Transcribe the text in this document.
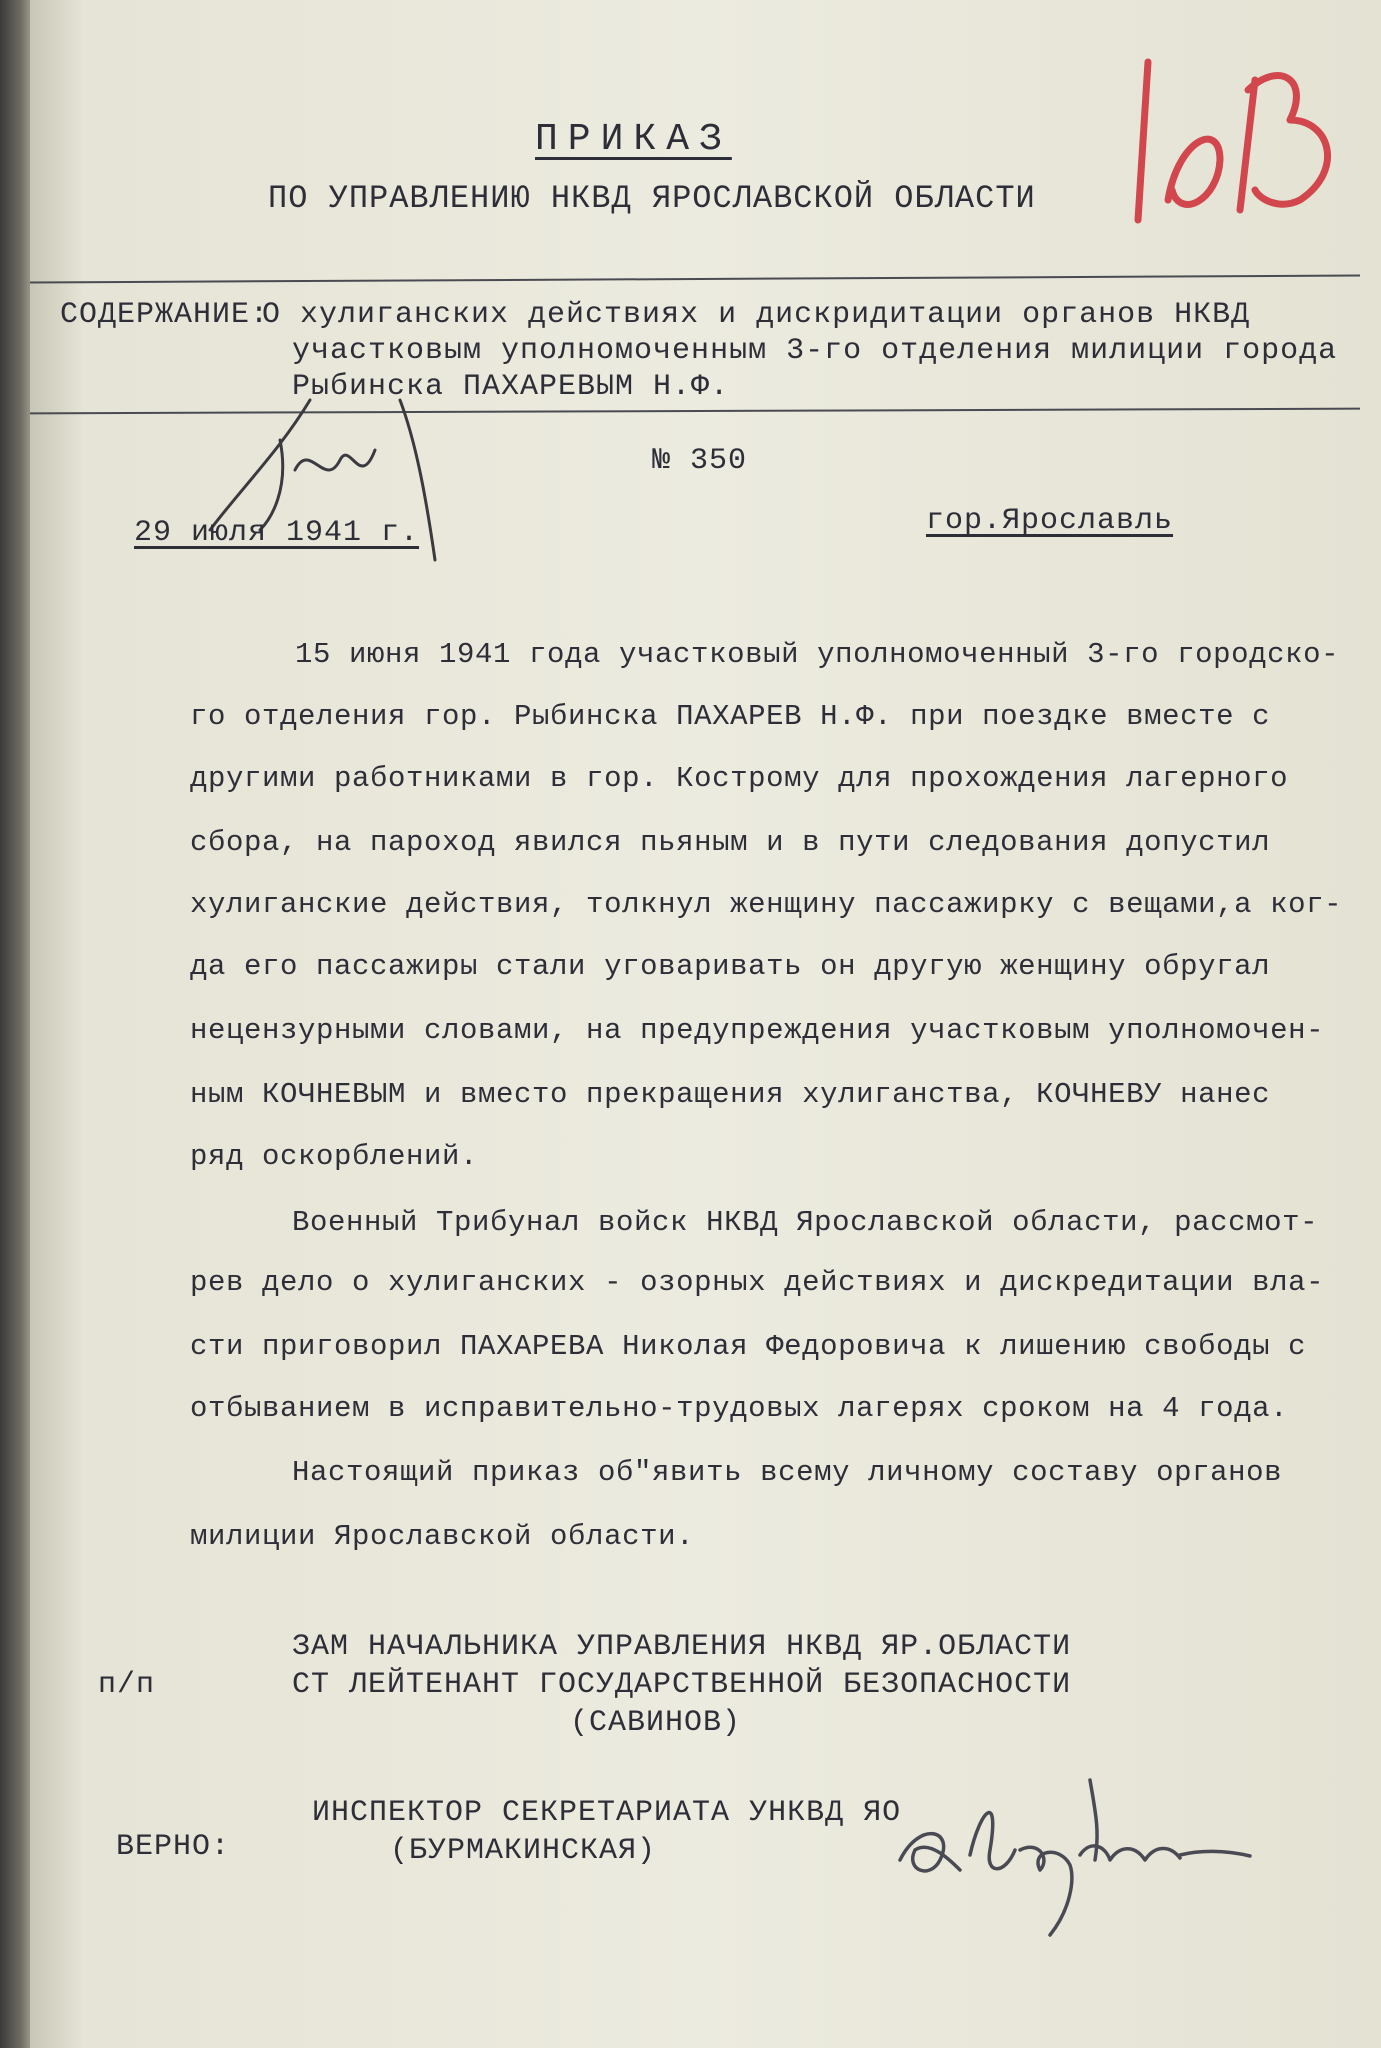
ПРИКАЗ
ПО УПРАВЛЕНИЮ НКВД ЯРОСЛАВСКОЙ ОБЛАСТИ
СОДЕРЖАНИЕ:
О хулиганских действиях и дискридитации органов НКВД
участковым уполномоченным 3-го отделения милиции города
Рыбинска ПАХАРЕВЫМ Н.Ф.
№ 350
29 июля 1941 г.	гор.Ярославль
15 июня 1941 года участковый уполномоченный 3-го городско-
го отделения гор. Рыбинска ПАХАРЕВ Н.Ф. при поездке вместе с
другими работниками в гор. Кострому для прохождения лагерного
сбора, на пароход явился пьяным и в пути следования допустил
хулиганские действия, толкнул женщину пассажирку с вещами,а ког-
да его пассажиры стали уговаривать он другую женщину обругал
нецензурными словами, на предупреждения участковым уполномочен-
ным КОЧНЕВЫМ и вместо прекращения хулиганства, КОЧНЕВУ нанес
ряд оскорблений.
Военный Трибунал войск НКВД Ярославской области, рассмот-
рев дело о хулиганских - озорных действиях и дискредитации вла-
сти приговорил ПАХАРЕВА Николая Федоровича к лишению свободы с
отбыванием в исправительно-трудовых лагерях сроком на 4 года.
Настоящий приказ об"явить всему личному составу органов
милиции Ярославской области.
п/п
ЗАМ НАЧАЛЬНИКА УПРАВЛЕНИЯ НКВД ЯР.ОБЛАСТИ
СТ ЛЕЙТЕНАНТ ГОСУДАРСТВЕННОЙ БЕЗОПАСНОСТИ
(САВИНОВ)
ВЕРНО:
ИНСПЕКТОР СЕКРЕТАРИАТА УНКВД ЯО
(БУРМАКИНСКАЯ)
